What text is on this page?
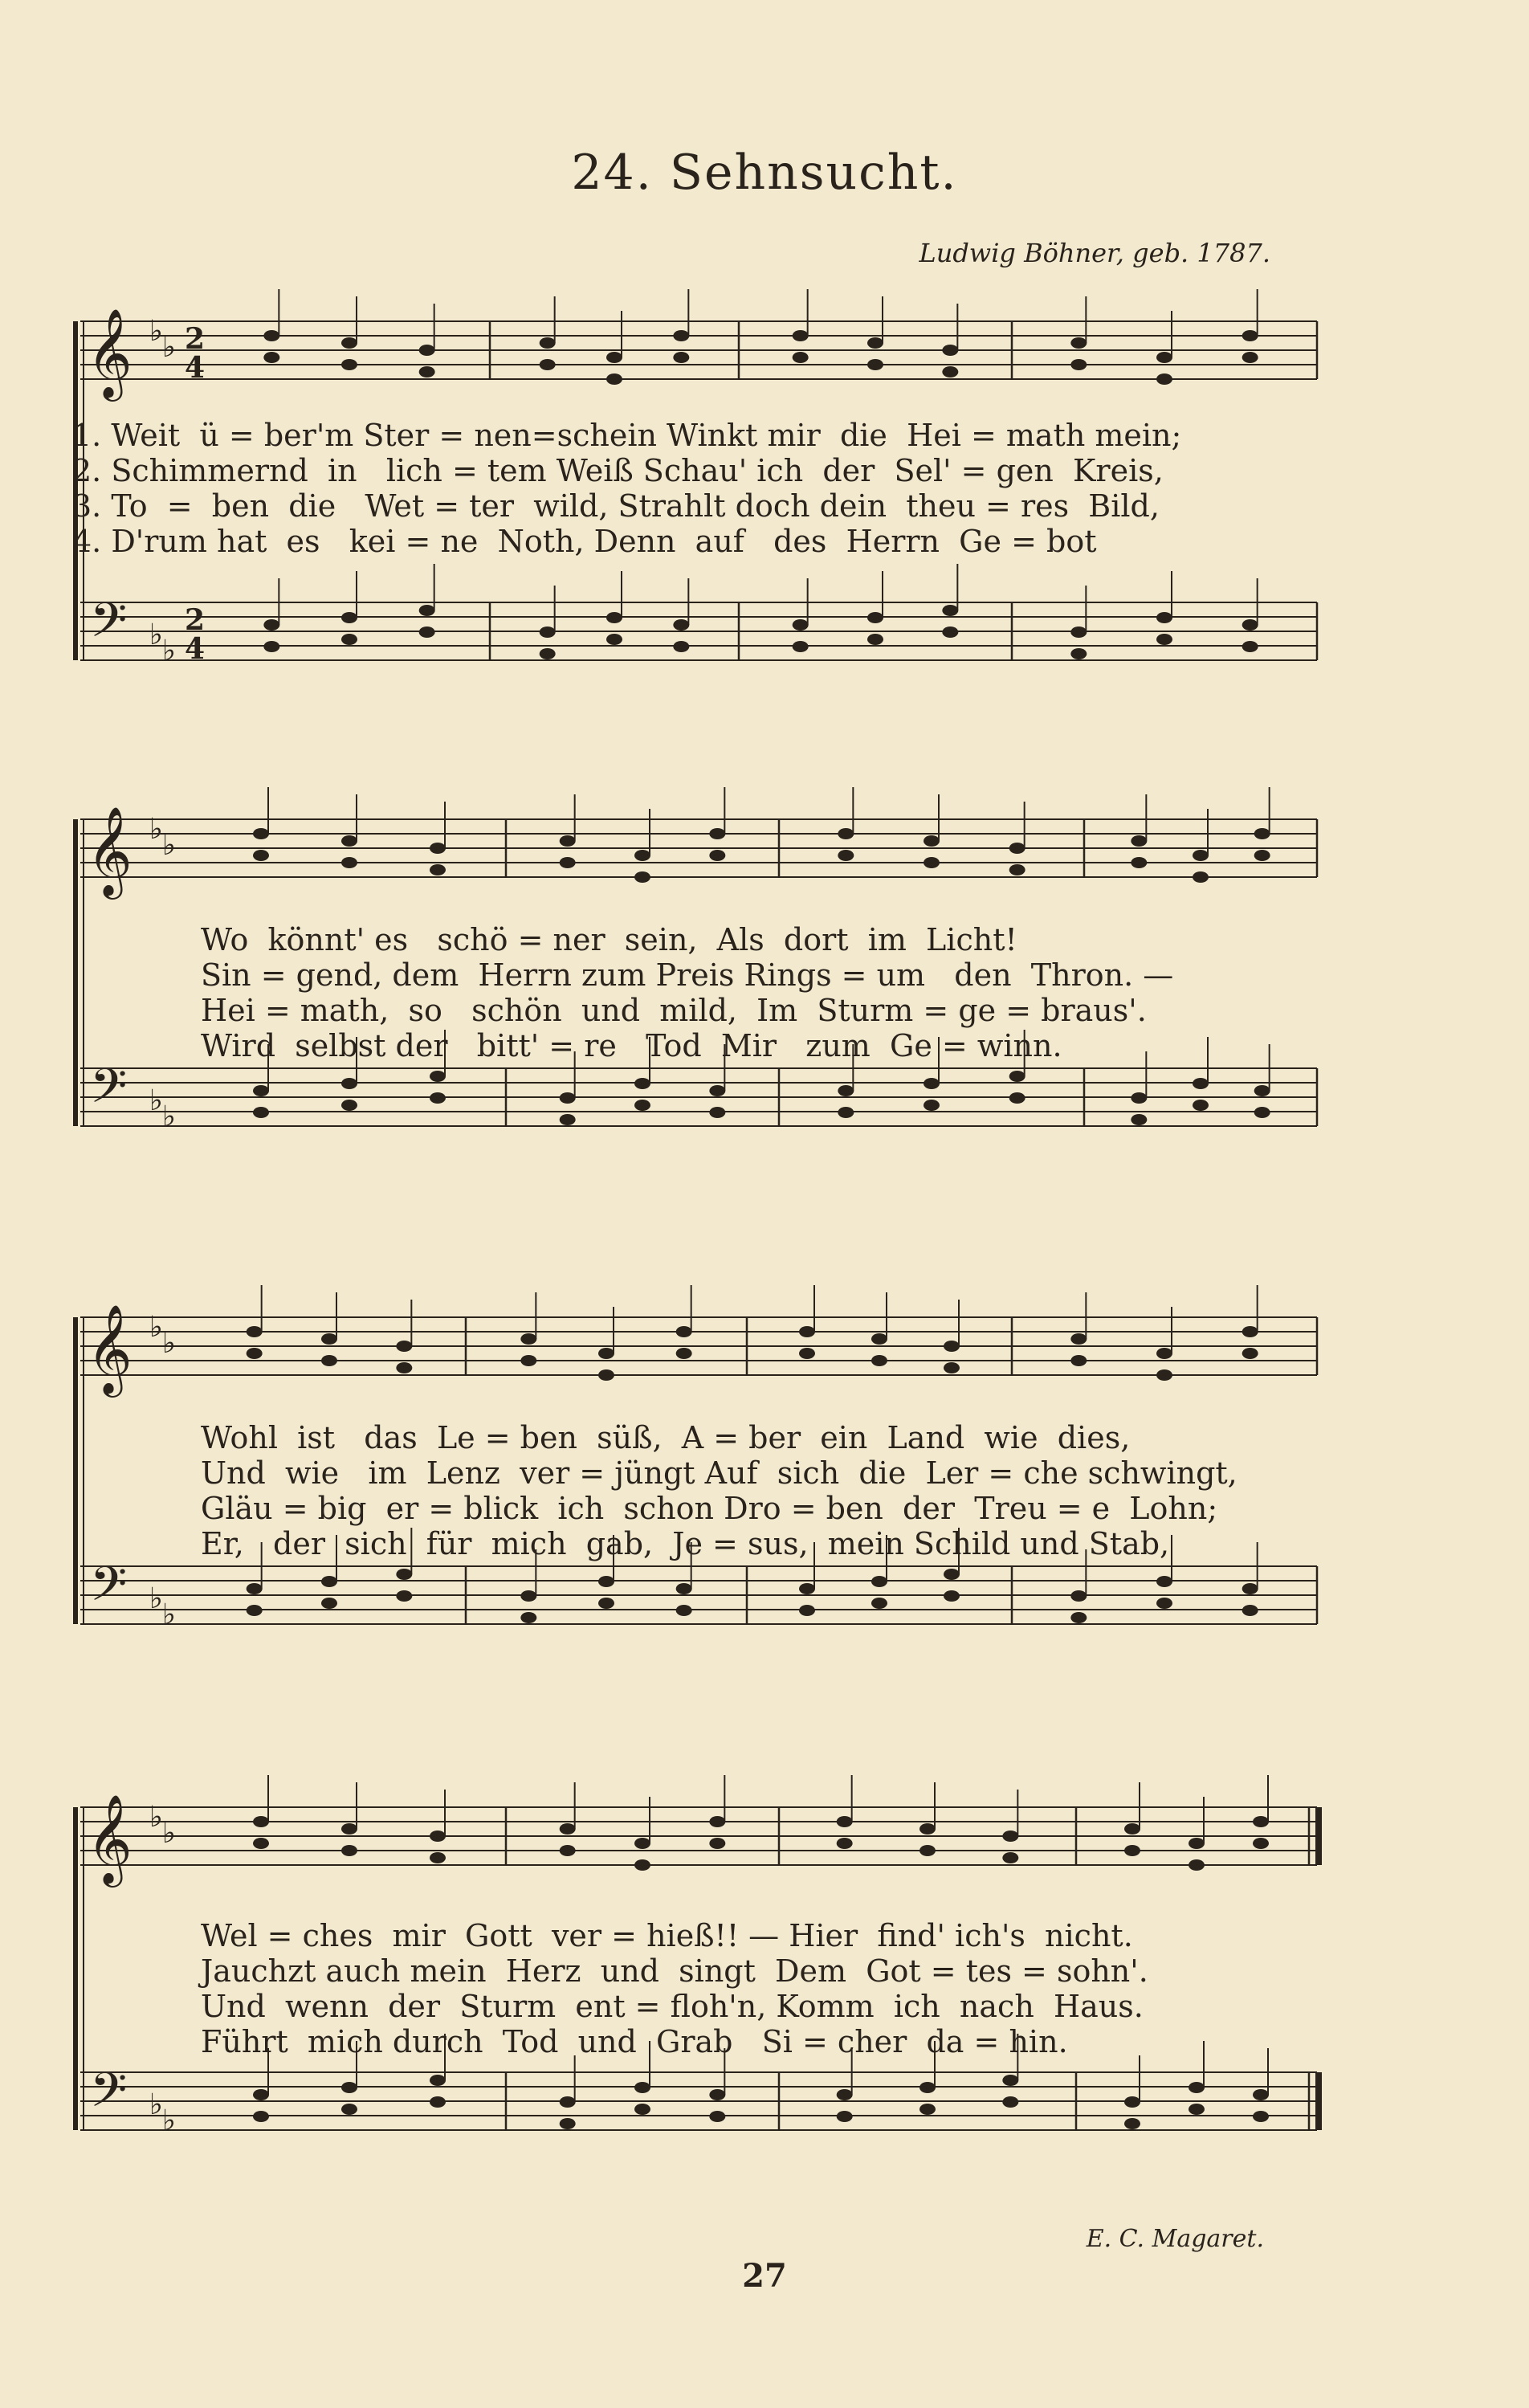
24. Sehnsucht.
Ludwig Böhner, geb. 1787.
𝄞
𝄢
♭ ♭
♭ ♭
2
4
2
4
1. Weit  ü = ber'm Ster = nen=schein Winkt mir  die  Hei = math mein;
2. Schimmernd  in   lich = tem Weiß Schau' ich  der  Sel' = gen  Kreis,
3. To  =  ben  die   Wet = ter  wild, Strahlt doch dein  theu = res  Bild,
4. D'rum hat  es   kei = ne  Noth, Denn  auf   des  Herrn  Ge = bot
𝄞
𝄢
♭ ♭
♭ ♭
Wo  könnt' es   schö = ner  sein,  Als  dort  im  Licht!
Sin = gend, dem  Herrn zum Preis Rings = um   den  Thron. —
Hei = math,  so   schön  und  mild,  Im  Sturm = ge = braus'.
Wird  selbst der   bitt' = re   Tod  Mir   zum  Ge = winn.
𝄞
𝄢
♭ ♭
♭ ♭
Wohl  ist   das  Le = ben  süß,  A = ber  ein  Land  wie  dies,
Und  wie   im  Lenz  ver = jüngt Auf  sich  die  Ler = che schwingt,
Gläu = big  er = blick  ich  schon Dro = ben  der  Treu = e  Lohn;
Er,   der  sich  für  mich  gab,  Je = sus,  mein Schild und Stab,
𝄞
𝄢
♭ ♭
♭ ♭
Wel = ches  mir  Gott  ver = hieß!! — Hier  find' ich's  nicht.
Jauchzt auch mein  Herz  und  singt  Dem  Got = tes = sohn'.
Und  wenn  der  Sturm  ent = floh'n, Komm  ich  nach  Haus.
Führt  mich durch  Tod  und  Grab   Si = cher  da = hin.
E. C. Magaret.
27
